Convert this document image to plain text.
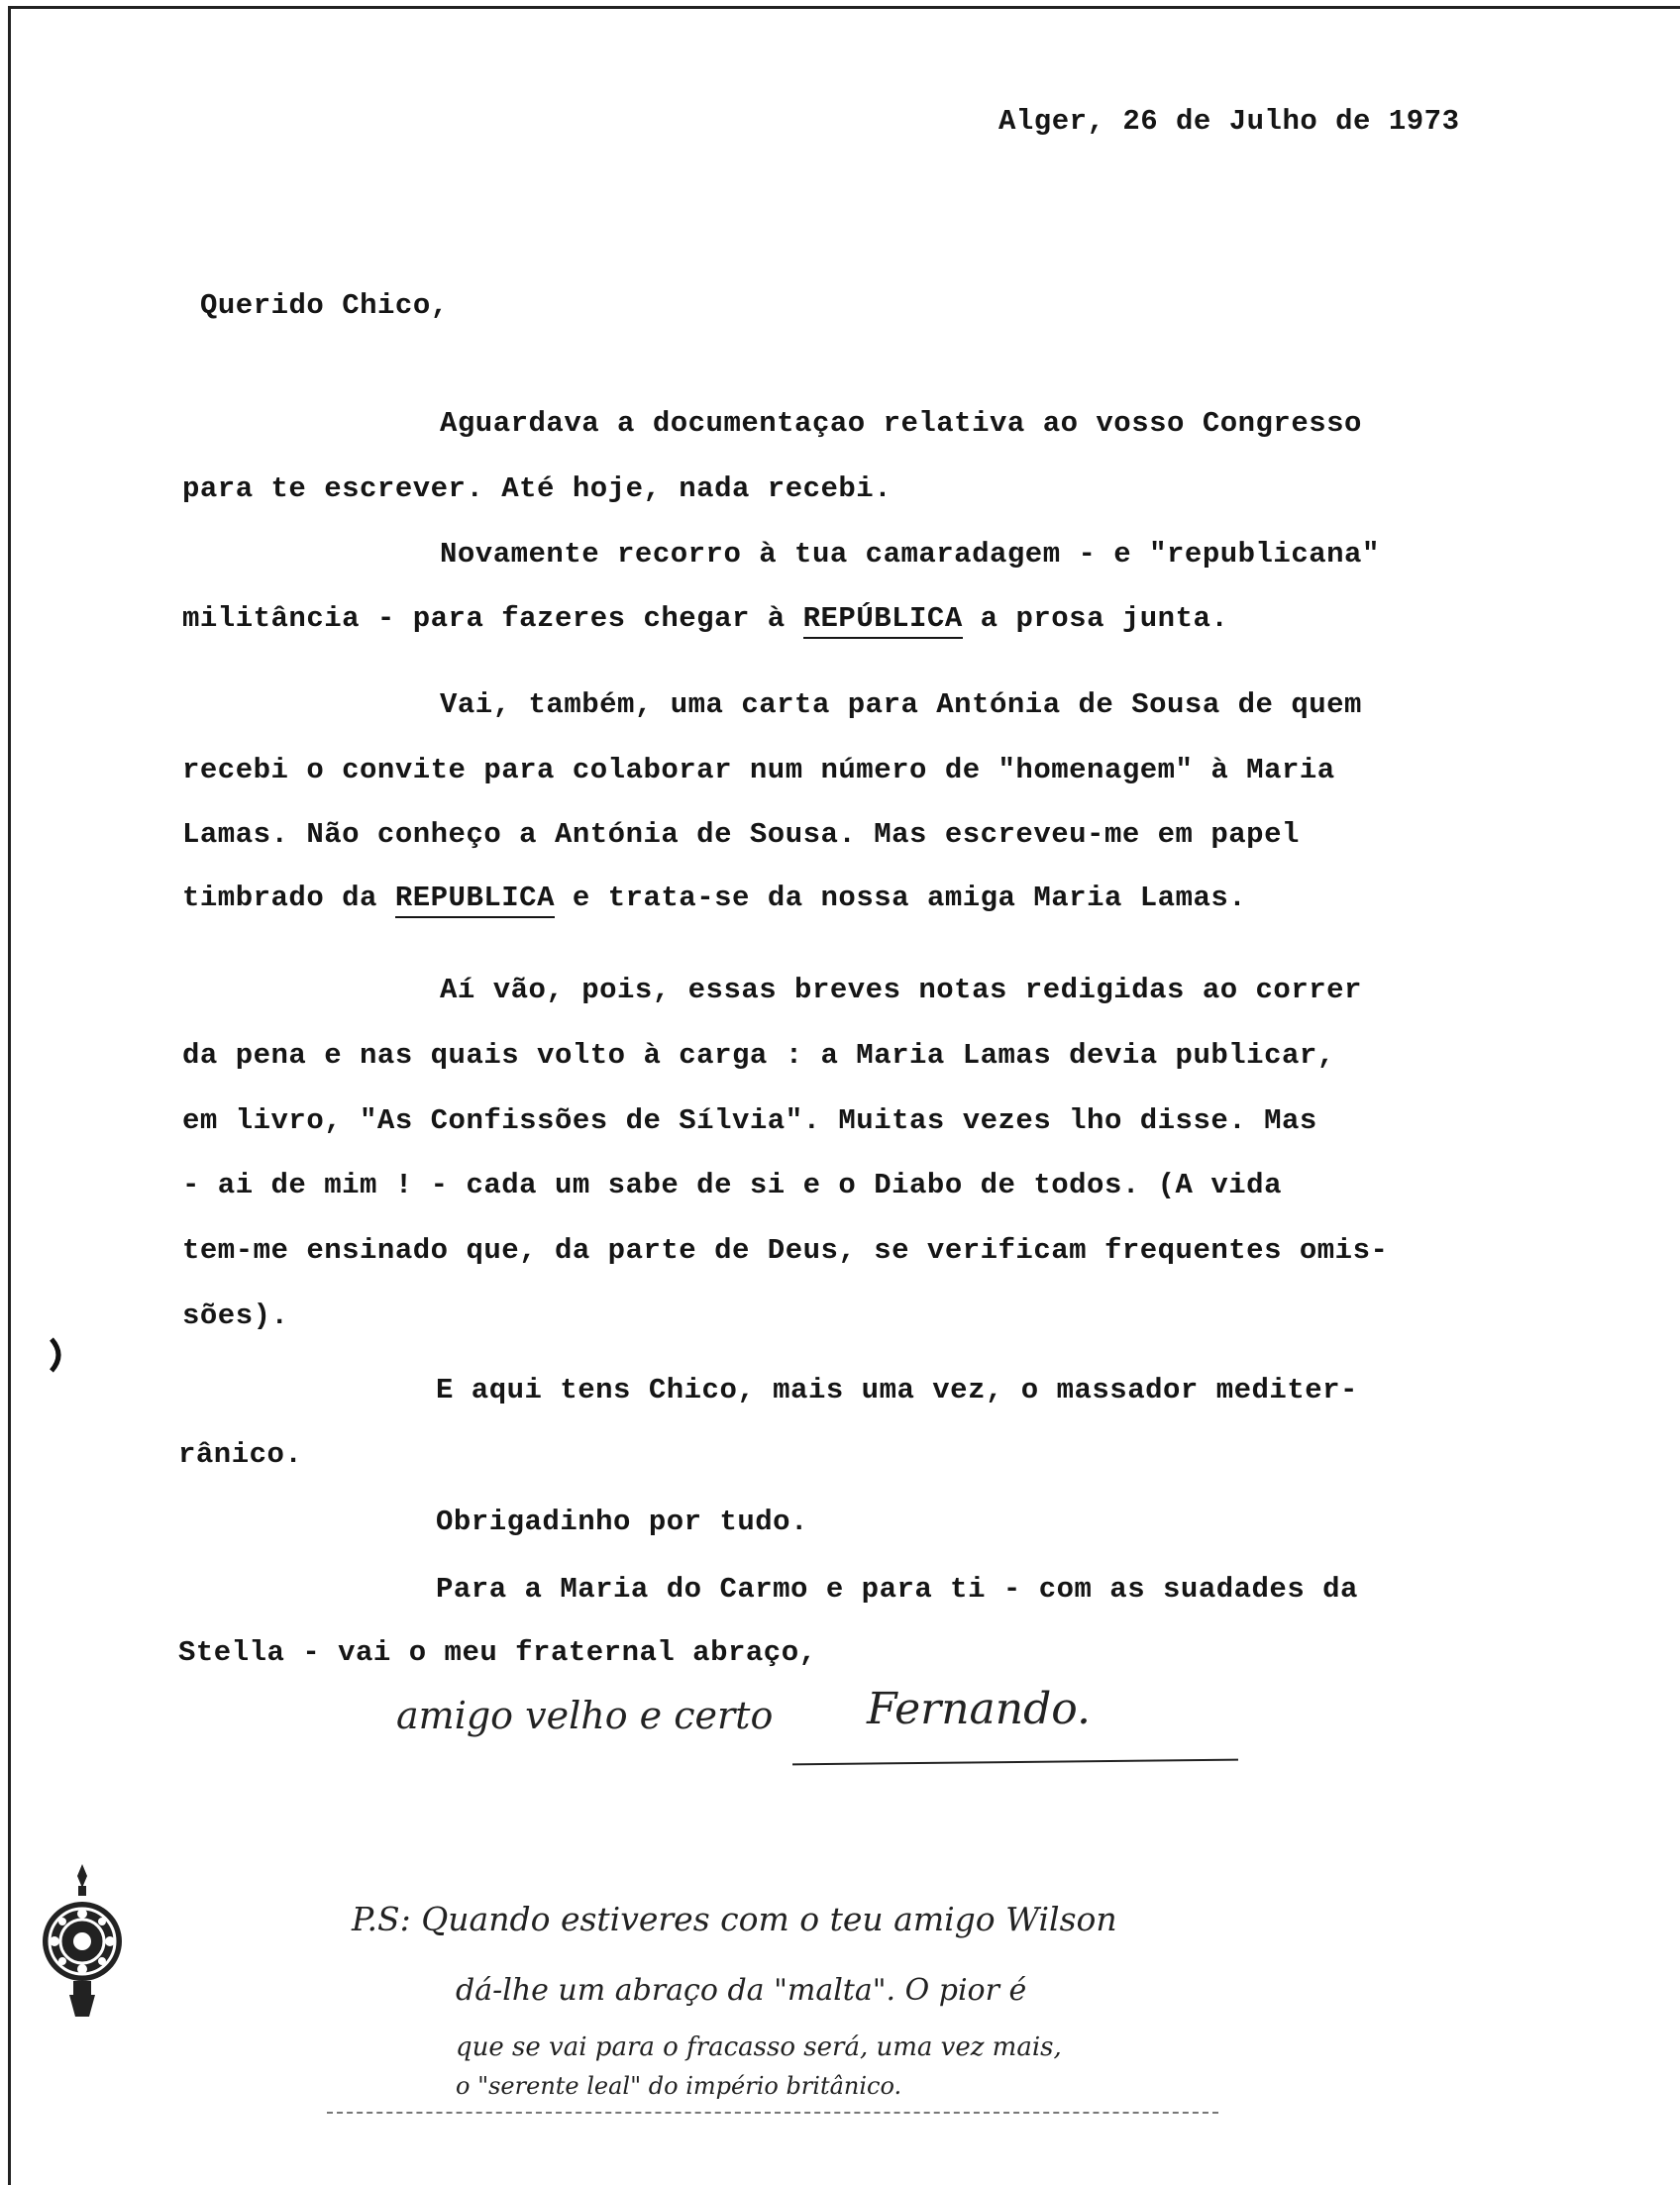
Alger, 26 de Julho de 1973
Querido Chico,
Aguardava a documentaçao relativa ao vosso Congresso
para te escrever. Até hoje, nada recebi.
Novamente recorro à tua camaradagem - e "republicana"
militância - para fazeres chegar à REPÚBLICA a prosa junta.
Vai, também, uma carta para Antónia de Sousa de quem
recebi o convite para colaborar num número de "homenagem" à Maria
Lamas. Não conheço a Antónia de Sousa. Mas escreveu-me em papel
timbrado da REPUBLICA e trata-se da nossa amiga Maria Lamas.
Aí vão, pois, essas breves notas redigidas ao correr
da pena e nas quais volto à carga : a Maria Lamas devia publicar,
em livro, "As Confissões de Sílvia". Muitas vezes lho disse. Mas
- ai de mim ! - cada um sabe de si e o Diabo de todos. (A vida
tem-me ensinado que, da parte de Deus, se verificam frequentes omis-
sões).
E aqui tens Chico, mais uma vez, o massador mediter-
rânico.
Obrigadinho por tudo.
Para a Maria do Carmo e para ti - com as suadades da
Stella - vai o meu fraternal abraço,
amigo velho e certo Fernando.
P.S: Quando estiveres com o teu amigo Wilson
dá-lhe um abraço da "malta". O pior é
que se vai para o fracasso será, uma vez mais,
o "serente leal" do império britânico.
